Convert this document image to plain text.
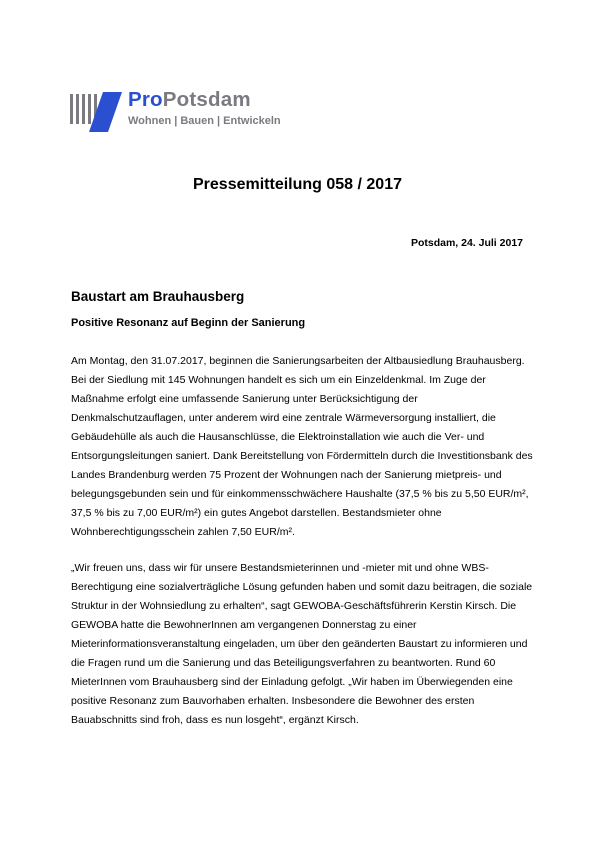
ProPotsdam
Wohnen | Bauen | Entwickeln
Pressemitteilung 058 / 2017
Potsdam, 24. Juli 2017
Baustart am Brauhausberg
Positive Resonanz auf Beginn der Sanierung

Am Montag, den 31.07.2017, beginnen die Sanierungsarbeiten der Altbausiedlung Brauhausberg. Bei der Siedlung mit 145 Wohnungen handelt es sich um ein Einzeldenkmal. Im Zuge der Maßnahme erfolgt eine umfassende Sanierung unter Berücksichtigung der Denkmalschutzauflagen, unter anderem wird eine zentrale Wärmeversorgung installiert, die Gebäudehülle als auch die Hausanschlüsse, die Elektroinstallation wie auch die Ver- und Entsorgungsleitungen saniert. Dank Bereitstellung von Fördermitteln durch die Investitionsbank des Landes Brandenburg werden 75 Prozent der Wohnungen nach der Sanierung mietpreis- und belegungsgebunden sein und für einkommensschwächere Haushalte (37,5 % bis zu 5,50 EUR/m², 37,5 % bis zu 7,00 EUR/m²) ein gutes Angebot darstellen. Bestandsmieter ohne Wohnberechtigungsschein zahlen 7,50 EUR/m².

„Wir freuen uns, dass wir für unsere Bestandsmieterinnen und -mieter mit und ohne WBS-Berechtigung eine sozialverträgliche Lösung gefunden haben und somit dazu beitragen, die soziale Struktur in der Wohnsiedlung zu erhalten“, sagt GEWOBA-Geschäftsführerin Kerstin Kirsch. Die GEWOBA hatte die BewohnerInnen am vergangenen Donnerstag zu einer Mieterinformationsveranstaltung eingeladen, um über den geänderten Baustart zu informieren und die Fragen rund um die Sanierung und das Beteiligungsverfahren zu beantworten. Rund 60 MieterInnen vom Brauhausberg sind der Einladung gefolgt. „Wir haben im Überwiegenden eine positive Resonanz zum Bauvorhaben erhalten. Insbesondere die Bewohner des ersten Bauabschnitts sind froh, dass es nun losgeht“, ergänzt Kirsch.
